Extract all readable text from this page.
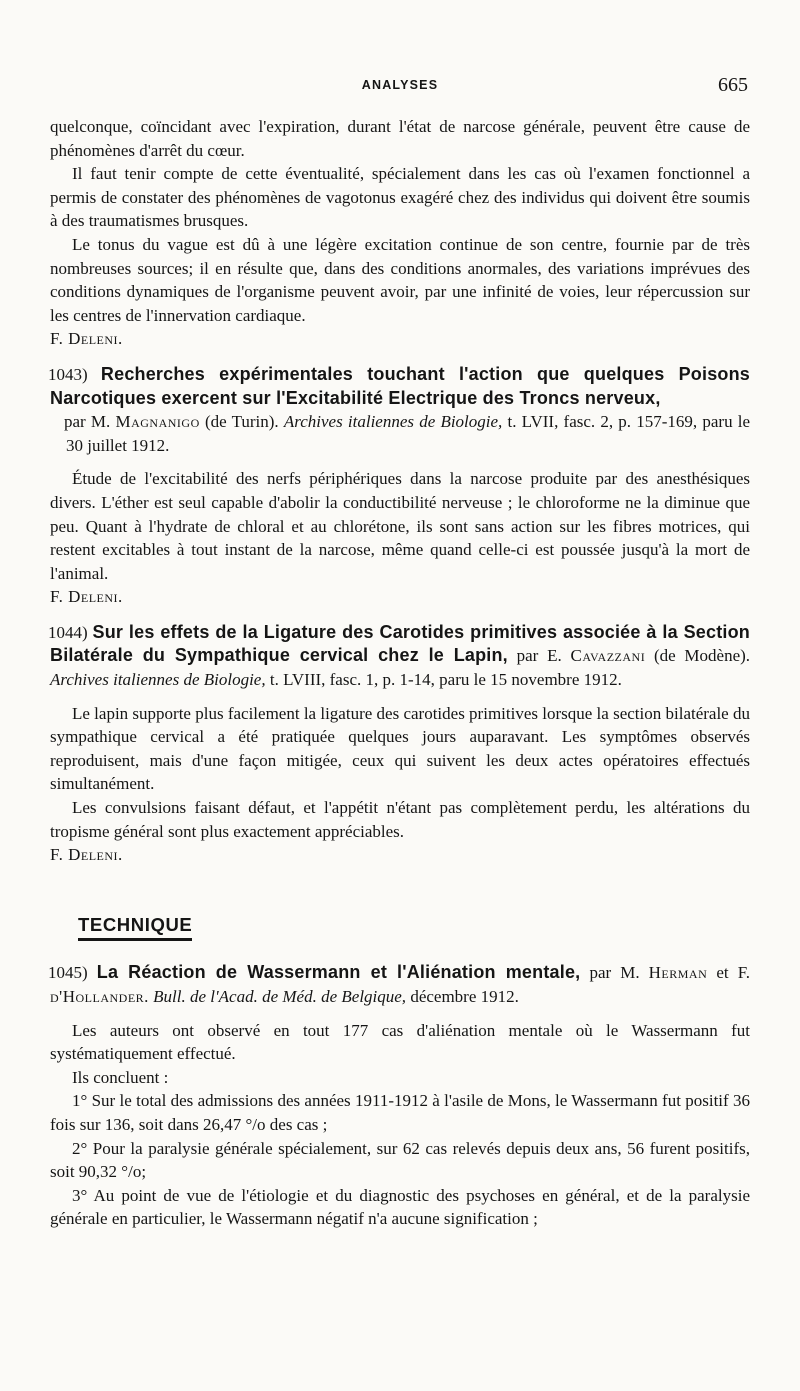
ANALYSES	665

quelconque, coïncidant avec l'expiration, durant l'état de narcose générale, peuvent être cause de phénomènes d'arrêt du cœur.

Il faut tenir compte de cette éventualité, spécialement dans les cas où l'examen fonctionnel a permis de constater des phénomènes de vagotonus exagéré chez des individus qui doivent être soumis à des traumatismes brusques.

Le tonus du vague est dû à une légère excitation continue de son centre, fournie par de très nombreuses sources; il en résulte que, dans des conditions anormales, des variations imprévues des conditions dynamiques de l'organisme peuvent avoir, par une infinité de voies, leur répercussion sur les centres de l'innervation cardiaque.

F. Deleni.

1043) Recherches expérimentales touchant l'action que quelques Poisons Narcotiques exercent sur l'Excitabilité Electrique des Troncs nerveux,
par M. Magnanigo (de Turin). Archives italiennes de Biologie, t. LVII, fasc. 2, p. 157-169, paru le 30 juillet 1912.

Étude de l'excitabilité des nerfs périphériques dans la narcose produite par des anesthésiques divers. L'éther est seul capable d'abolir la conductibilité nerveuse ; le chloroforme ne la diminue que peu. Quant à l'hydrate de chloral et au chlorétone, ils sont sans action sur les fibres motrices, qui restent excitables à tout instant de la narcose, même quand celle-ci est poussée jusqu'à la mort de l'animal.

F. Deleni.

1044) Sur les effets de la Ligature des Carotides primitives associée à la Section Bilatérale du Sympathique cervical chez le Lapin, par E. Cavazzani (de Modène). Archives italiennes de Biologie, t. LVIII, fasc. 1, p. 1-14, paru le 15 novembre 1912.

Le lapin supporte plus facilement la ligature des carotides primitives lorsque la section bilatérale du sympathique cervical a été pratiquée quelques jours auparavant. Les symptômes observés reproduisent, mais d'une façon mitigée, ceux qui suivent les deux actes opératoires effectués simultanément.

Les convulsions faisant défaut, et l'appétit n'étant pas complètement perdu, les altérations du tropisme général sont plus exactement appréciables.

F. Deleni.

TECHNIQUE

1045) La Réaction de Wassermann et l'Aliénation mentale, par M. Herman et F. d'Hollander. Bull. de l'Acad. de Méd. de Belgique, décembre 1912.

Les auteurs ont observé en tout 177 cas d'aliénation mentale où le Wassermann fut systématiquement effectué.

Ils concluent :

1° Sur le total des admissions des années 1911-1912 à l'asile de Mons, le Wassermann fut positif 36 fois sur 136, soit dans 26,47 °/o des cas ;

2° Pour la paralysie générale spécialement, sur 62 cas relevés depuis deux ans, 56 furent positifs, soit 90,32 °/o;

3° Au point de vue de l'étiologie et du diagnostic des psychoses en général, et de la paralysie générale en particulier, le Wassermann négatif n'a aucune signification ;
